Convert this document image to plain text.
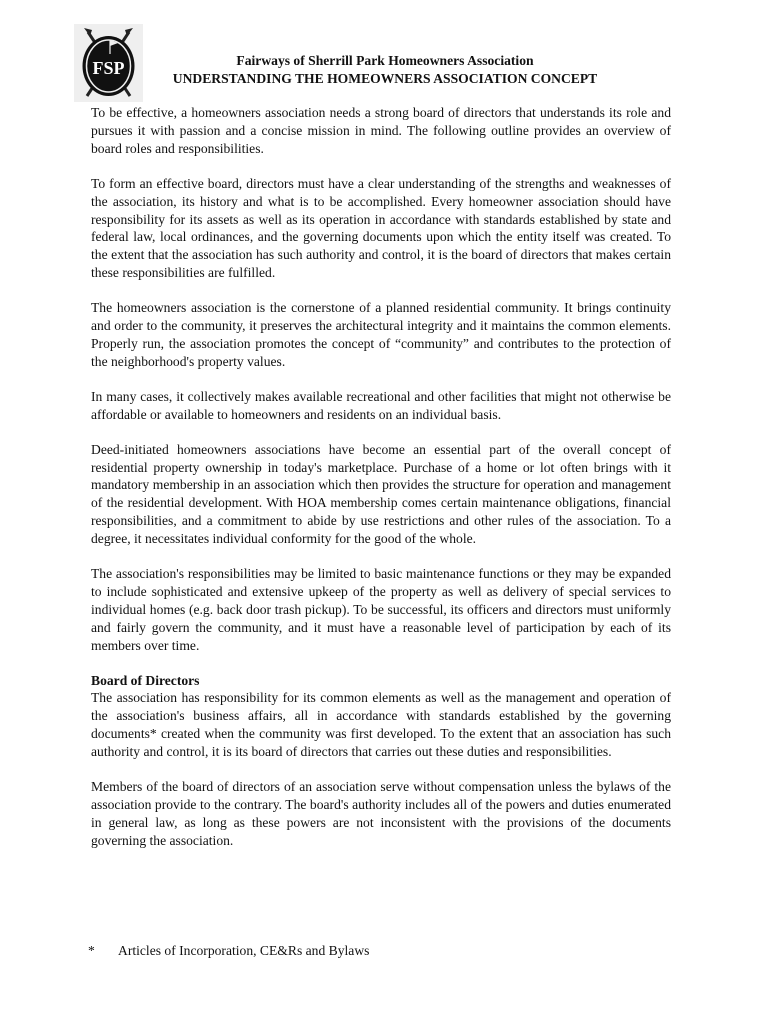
FSP	Fairways of Sherrill Park Homeowners Association
UNDERSTANDING THE HOMEOWNERS ASSOCIATION CONCEPT

To be effective, a homeowners association needs a strong board of directors that understands its role and pursues it with passion and a concise mission in mind. The following outline provides an overview of board roles and responsibilities.

To form an effective board, directors must have a clear understanding of the strengths and weaknesses of the association, its history and what is to be accomplished. Every homeowner association should have responsibility for its assets as well as its operation in accordance with standards established by state and federal law, local ordinances, and the governing documents upon which the entity itself was created. To the extent that the association has such authority and control, it is the board of directors that makes certain these responsibilities are fulfilled.

The homeowners association is the cornerstone of a planned residential community. It brings continuity and order to the community, it preserves the architectural integrity and it maintains the common elements. Properly run, the association promotes the concept of “community” and contributes to the protection of the neighborhood's property values.

In many cases, it collectively makes available recreational and other facilities that might not otherwise be affordable or available to homeowners and residents on an individual basis.

Deed-initiated homeowners associations have become an essential part of the overall concept of residential property ownership in today's marketplace. Purchase of a home or lot often brings with it mandatory membership in an association which then provides the structure for operation and management of the residential development. With HOA membership comes certain maintenance obligations, financial responsibilities, and a commitment to abide by use restrictions and other rules of the association. To a degree, it necessitates individual conformity for the good of the whole.

The association's responsibilities may be limited to basic maintenance functions or they may be expanded to include sophisticated and extensive upkeep of the property as well as delivery of special services to individual homes (e.g. back door trash pickup). To be successful, its officers and directors must uniformly and fairly govern the community, and it must have a reasonable level of participation by each of its members over time.

Board of Directors

The association has responsibility for its common elements as well as the management and operation of the association's business affairs, all in accordance with standards established by the governing documents* created when the community was first developed. To the extent that an association has such authority and control, it is its board of directors that carries out these duties and responsibilities.

Members of the board of directors of an association serve without compensation unless the bylaws of the association provide to the contrary. The board's authority includes all of the powers and duties enumerated in general law, as long as these powers are not inconsistent with the provisions of the documents governing the association.

* Articles of Incorporation, CE&Rs and Bylaws
